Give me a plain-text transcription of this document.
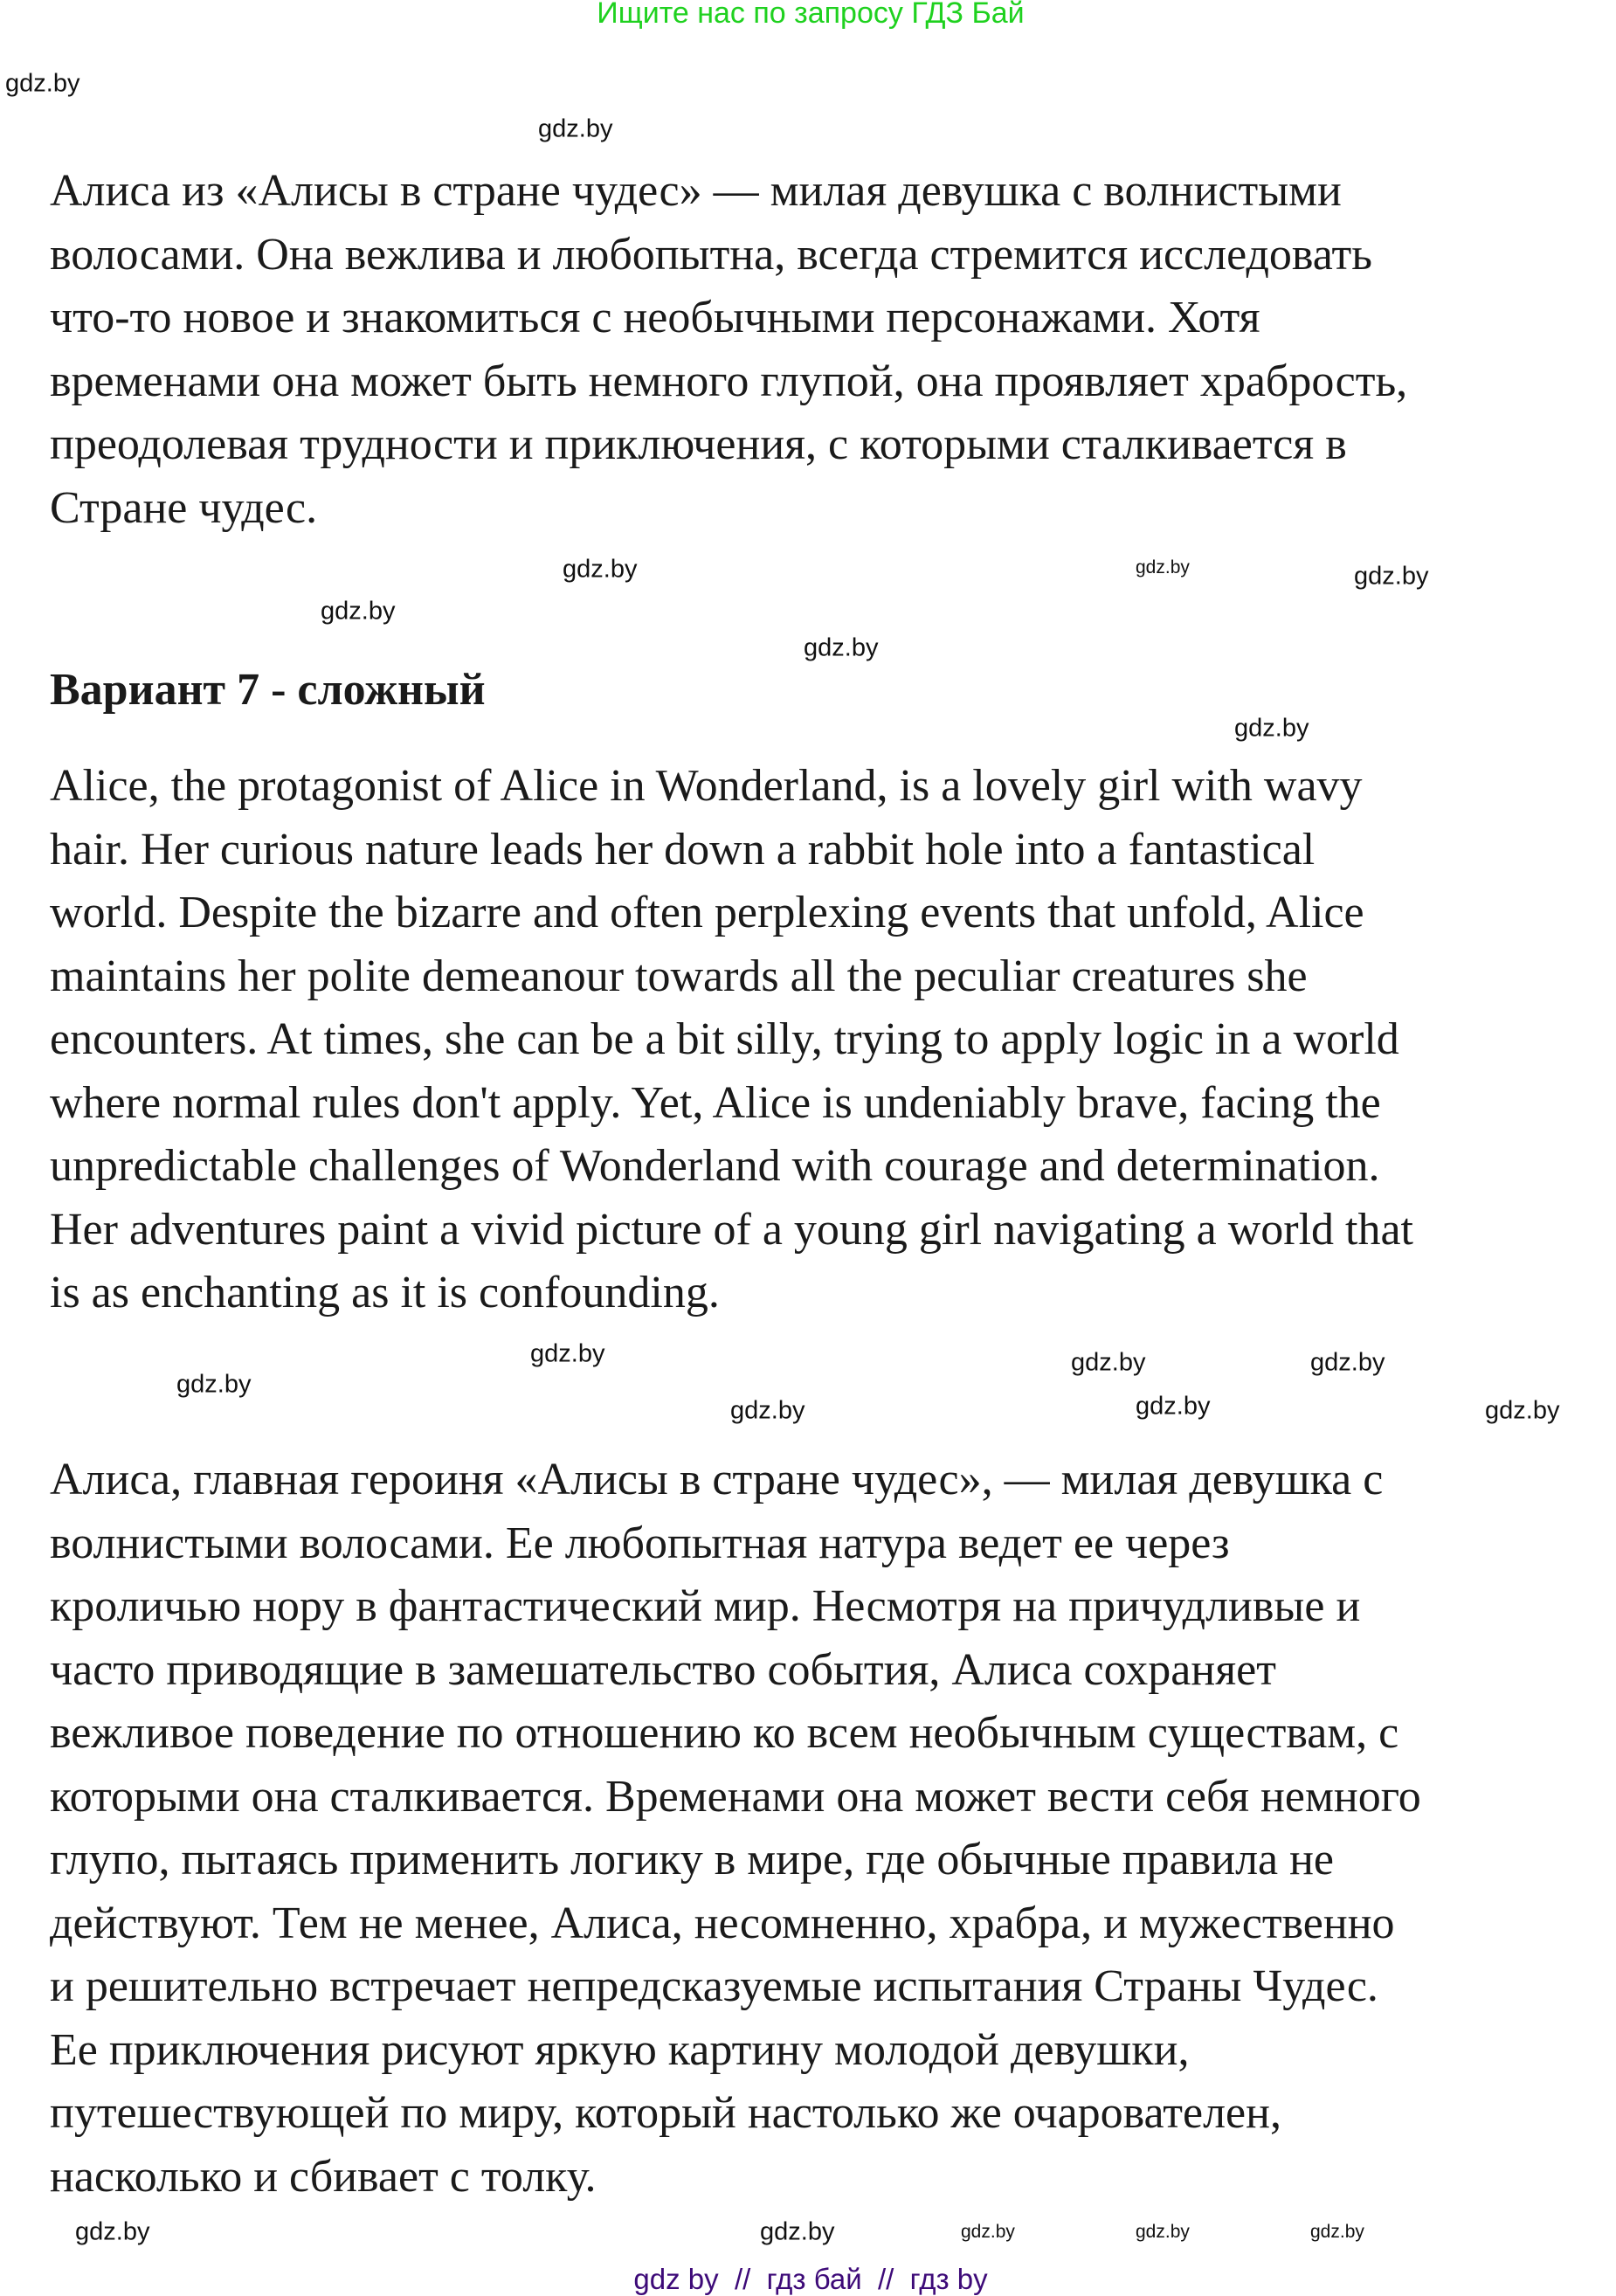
Ищите нас по запросу ГДЗ Бай
Алиса из «Алисы в стране чудес» — милая девушка с волнистыми
волосами. Она вежлива и любопытна, всегда стремится исследовать
что-то новое и знакомиться с необычными персонажами. Хотя
временами она может быть немного глупой, она проявляет храбрость,
преодолевая трудности и приключения, с которыми сталкивается в
Стране чудес.
Вариант 7 - сложный
Alice, the protagonist of Alice in Wonderland, is a lovely girl with wavy
hair. Her curious nature leads her down a rabbit hole into a fantastical
world. Despite the bizarre and often perplexing events that unfold, Alice
maintains her polite demeanour towards all the peculiar creatures she
encounters. At times, she can be a bit silly, trying to apply logic in a world
where normal rules don't apply. Yet, Alice is undeniably brave, facing the
unpredictable challenges of Wonderland with courage and determination.
Her adventures paint a vivid picture of a young girl navigating a world that
is as enchanting as it is confounding.
Алиса, главная героиня «Алисы в стране чудес», — милая девушка с
волнистыми волосами. Ее любопытная натура ведет ее через
кроличью нору в фантастический мир. Несмотря на причудливые и
часто приводящие в замешательство события, Алиса сохраняет
вежливое поведение по отношению ко всем необычным существам, с
которыми она сталкивается. Временами она может вести себя немного
глупо, пытаясь применить логику в мире, где обычные правила не
действуют. Тем не менее, Алиса, несомненно, храбра, и мужественно
и решительно встречает непредсказуемые испытания Страны Чудес.
Ее приключения рисуют яркую картину молодой девушки,
путешествующей по миру, который настолько же очарователен,
насколько и сбивает с толку.
gdz.by
gdz.by
gdz.by	gdz.by
gdz.by
gdz.by
gdz.by
gdz.by
gdz.by
gdz.by
gdz.by
gdz.by
gdz.by	gdz.by
gdz.by	gdz.by
gdz.by
gdz.by
gdz.by
gdz.by
gdz by  //  гдз бай  //  гдз by
